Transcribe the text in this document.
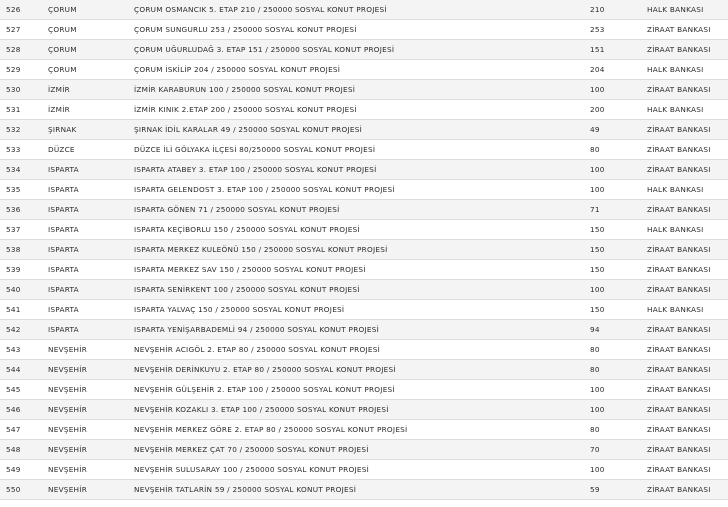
526	ÇORUM	ÇORUM OSMANCIK 5. ETAP 210 / 250000 SOSYAL KONUT PROJESİ	210	HALK BANKASI
527	ÇORUM	ÇORUM SUNGURLU 253 / 250000 SOSYAL KONUT PROJESİ	253	ZİRAAT BANKASI
528	ÇORUM	ÇORUM UĞURLUDAĞ 3. ETAP 151 / 250000 SOSYAL KONUT PROJESİ	151	ZİRAAT BANKASI
529	ÇORUM	ÇORUM İSKİLİP 204 / 250000 SOSYAL KONUT PROJESİ	204	HALK BANKASI
530	İZMİR	İZMİR KARABURUN 100 / 250000 SOSYAL KONUT PROJESİ	100	ZİRAAT BANKASI
531	İZMİR	İZMİR KINIK 2.ETAP 200 / 250000 SOSYAL KONUT PROJESİ	200	HALK BANKASI
532	ŞIRNAK	ŞIRNAK İDİL KARALAR 49 / 250000 SOSYAL KONUT PROJESİ	49	ZİRAAT BANKASI
533	DÜZCE	DÜZCE İLİ GÖLYAKA İLÇESİ 80/250000 SOSYAL KONUT PROJESİ	80	ZİRAAT BANKASI
534	ISPARTA	ISPARTA ATABEY 3. ETAP 100 / 250000 SOSYAL KONUT PROJESİ	100	ZİRAAT BANKASI
535	ISPARTA	ISPARTA GELENDOST 3. ETAP 100 / 250000 SOSYAL KONUT PROJESİ	100	HALK BANKASI
536	ISPARTA	ISPARTA GÖNEN 71 / 250000 SOSYAL KONUT PROJESİ	71	ZİRAAT BANKASI
537	ISPARTA	ISPARTA KEÇİBORLU 150 / 250000 SOSYAL KONUT PROJESİ	150	HALK BANKASI
538	ISPARTA	ISPARTA MERKEZ KULEÖNÜ 150 / 250000 SOSYAL KONUT PROJESİ	150	ZİRAAT BANKASI
539	ISPARTA	ISPARTA MERKEZ SAV 150 / 250000 SOSYAL KONUT PROJESİ	150	ZİRAAT BANKASI
540	ISPARTA	ISPARTA SENİRKENT 100 / 250000 SOSYAL KONUT PROJESİ	100	ZİRAAT BANKASI
541	ISPARTA	ISPARTA YALVAÇ 150 / 250000 SOSYAL KONUT PROJESİ	150	HALK BANKASI
542	ISPARTA	ISPARTA YENİŞARBADEMLİ 94 / 250000 SOSYAL KONUT PROJESİ	94	ZİRAAT BANKASI
543	NEVŞEHİR	NEVŞEHİR ACIGÖL 2. ETAP 80 / 250000 SOSYAL KONUT PROJESİ	80	ZİRAAT BANKASI
544	NEVŞEHİR	NEVŞEHİR DERİNKUYU 2. ETAP 80 / 250000 SOSYAL KONUT PROJESİ	80	ZİRAAT BANKASI
545	NEVŞEHİR	NEVŞEHİR GÜLŞEHİR 2. ETAP 100 / 250000 SOSYAL KONUT PROJESİ	100	ZİRAAT BANKASI
546	NEVŞEHİR	NEVŞEHİR KOZAKLI 3. ETAP 100 / 250000 SOSYAL KONUT PROJESİ	100	ZİRAAT BANKASI
547	NEVŞEHİR	NEVŞEHİR MERKEZ GÖRE 2. ETAP 80 / 250000 SOSYAL KONUT PROJESİ	80	ZİRAAT BANKASI
548	NEVŞEHİR	NEVŞEHİR MERKEZ ÇAT 70 / 250000 SOSYAL KONUT PROJESİ	70	ZİRAAT BANKASI
549	NEVŞEHİR	NEVŞEHİR SULUSARAY 100 / 250000 SOSYAL KONUT PROJESİ	100	ZİRAAT BANKASI
550	NEVŞEHİR	NEVŞEHİR TATLARİN 59 / 250000 SOSYAL KONUT PROJESİ	59	ZİRAAT BANKASI
